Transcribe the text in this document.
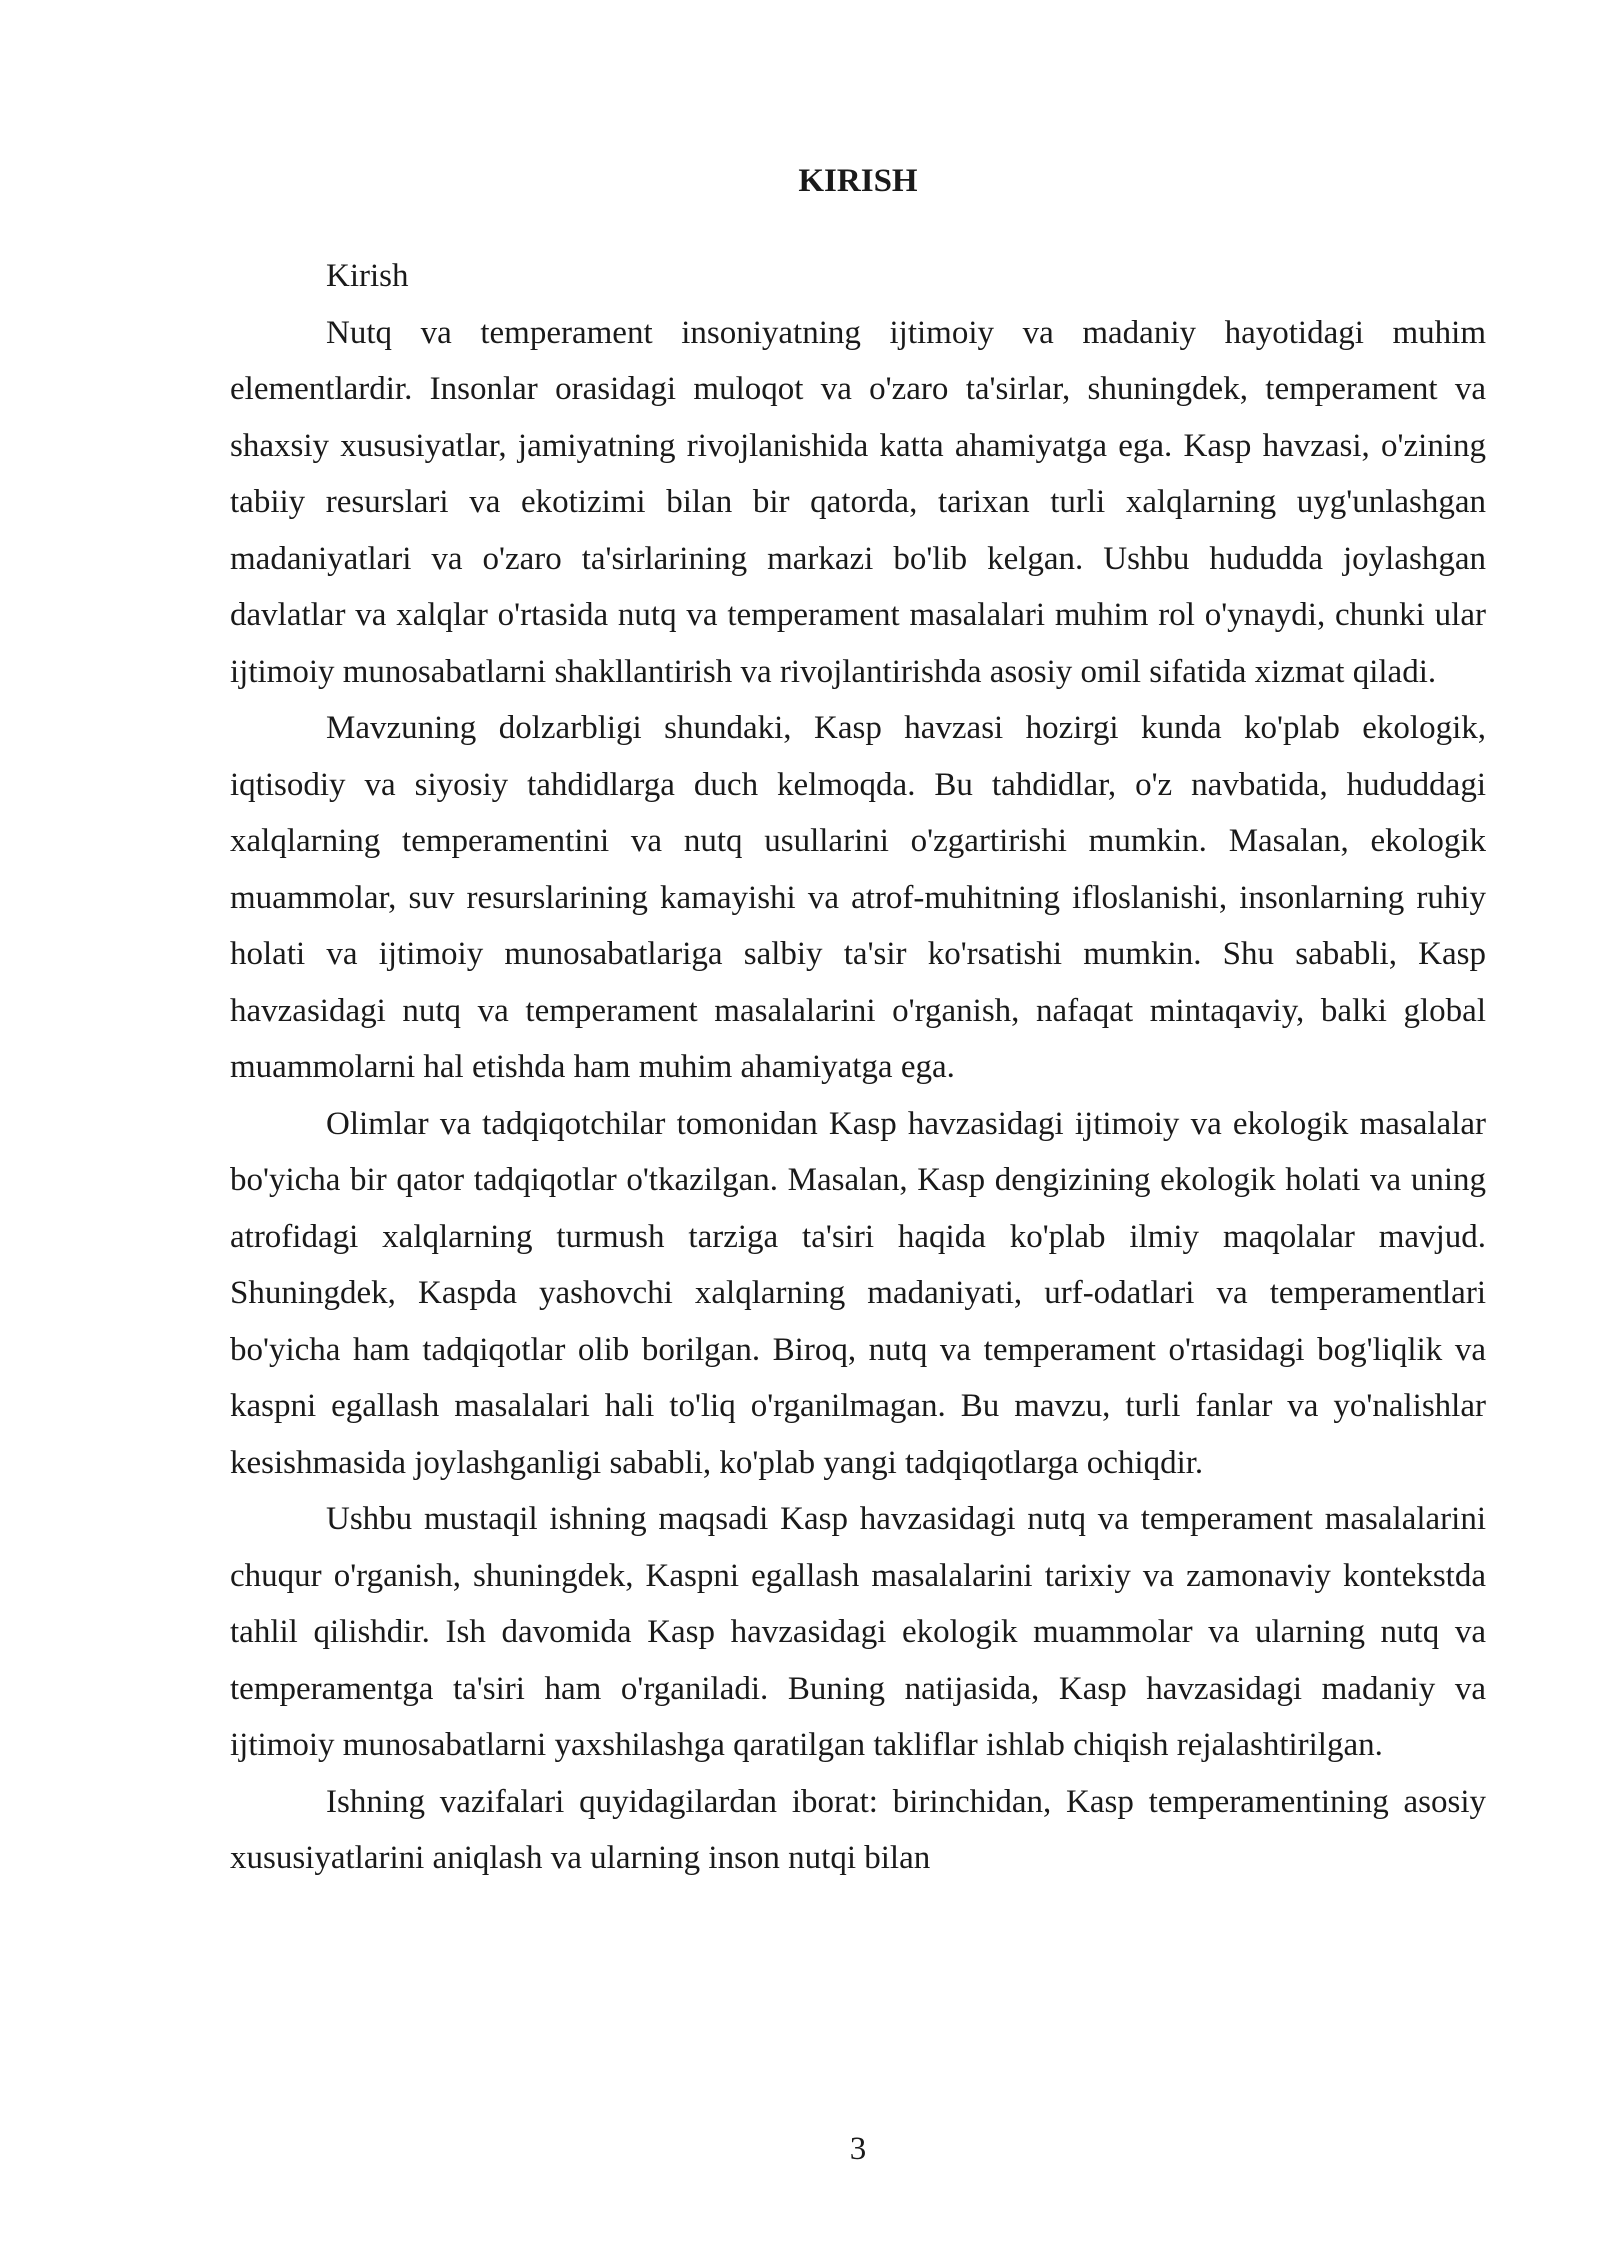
KIRISH

Kirish

Nutq va temperament insoniyatning ijtimoiy va madaniy hayotidagi muhim elementlardir. Insonlar orasidagi muloqot va o'zaro ta'sirlar, shuningdek, temperament va shaxsiy xususiyatlar, jamiyatning rivojlanishida katta ahamiyatga ega. Kasp havzasi, o'zining tabiiy resurslari va ekotizimi bilan bir qatorda, tarixan turli xalqlarning uyg'unlashgan madaniyatlari va o'zaro ta'sirlarining markazi bo'lib kelgan. Ushbu hududda joylashgan davlatlar va xalqlar o'rtasida nutq va temperament masalalari muhim rol o'ynaydi, chunki ular ijtimoiy munosabatlarni shakllantirish va rivojlantirishda asosiy omil sifatida xizmat qiladi.

Mavzuning dolzarbligi shundaki, Kasp havzasi hozirgi kunda ko'plab ekologik, iqtisodiy va siyosiy tahdidlarga duch kelmoqda. Bu tahdidlar, o'z navbatida, hududdagi xalqlarning temperamentini va nutq usullarini o'zgartirishi mumkin. Masalan, ekologik muammolar, suv resurslarining kamayishi va atrof-muhitning ifloslanishi, insonlarning ruhiy holati va ijtimoiy munosabatlariga salbiy ta'sir ko'rsatishi mumkin. Shu sababli, Kasp havzasidagi nutq va temperament masalalarini o'rganish, nafaqat mintaqaviy, balki global muammolarni hal etishda ham muhim ahamiyatga ega.

Olimlar va tadqiqotchilar tomonidan Kasp havzasidagi ijtimoiy va ekologik masalalar bo'yicha bir qator tadqiqotlar o'tkazilgan. Masalan, Kasp dengizining ekologik holati va uning atrofidagi xalqlarning turmush tarziga ta'siri haqida ko'plab ilmiy maqolalar mavjud. Shuningdek, Kaspda yashovchi xalqlarning madaniyati, urf-odatlari va temperamentlari bo'yicha ham tadqiqotlar olib borilgan. Biroq, nutq va temperament o'rtasidagi bog'liqlik va kaspni egallash masalalari hali to'liq o'rganilmagan. Bu mavzu, turli fanlar va yo'nalishlar kesishmasida joylashganligi sababli, ko'plab yangi tadqiqotlarga ochiqdir.

Ushbu mustaqil ishning maqsadi Kasp havzasidagi nutq va temperament masalalarini chuqur o'rganish, shuningdek, Kaspni egallash masalalarini tarixiy va zamonaviy kontekstda tahlil qilishdir. Ish davomida Kasp havzasidagi ekologik muammolar va ularning nutq va temperamentga ta'siri ham o'rganiladi. Buning natijasida, Kasp havzasidagi madaniy va ijtimoiy munosabatlarni yaxshilashga qaratilgan takliflar ishlab chiqish rejalashtirilgan.

Ishning vazifalari quyidagilardan iborat: birinchidan, Kasp temperamentining asosiy xususiyatlarini aniqlash va ularning inson nutqi bilan

3
